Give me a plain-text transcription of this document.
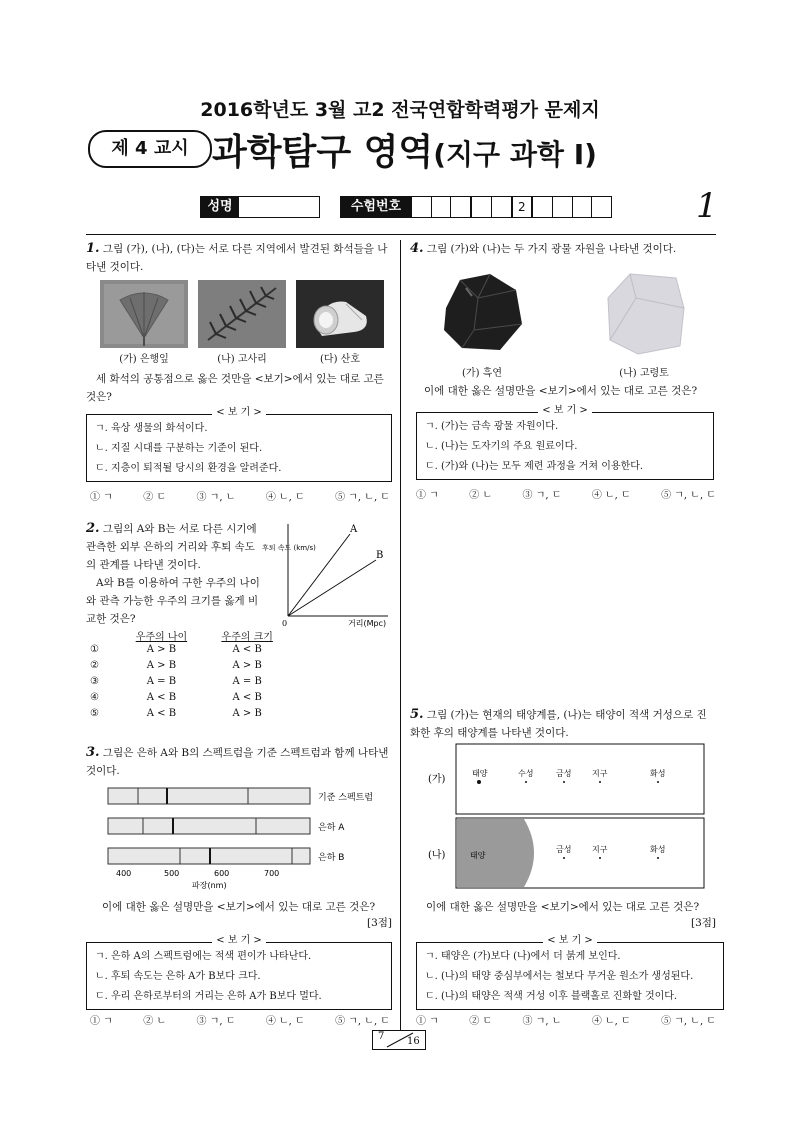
2016학년도 3월 고2 전국연합학력평가 문제지
제 4 교시 과학탐구 영역(지구 과학 Ⅰ)
1
성명	수험번호	2
1. 그림 (가), (나), (다)는 서로 다른 지역에서 발견된 화석들을 나타낸 것이다.
(가) 은행잎	(나) 고사리	(다) 산호
세 화석의 공통점으로 옳은 것만을 <보기>에서 있는 대로 고른 것은?
< 보 기 >
ㄱ. 육상 생물의 화석이다.
ㄴ. 지질 시대를 구분하는 기준이 된다.
ㄷ. 지층이 퇴적될 당시의 환경을 알려준다.
① ㄱ	② ㄷ	③ ㄱ, ㄴ	④ ㄴ, ㄷ	⑤ ㄱ, ㄴ, ㄷ
2. 그림의 A와 B는 서로 다른 시기에 관측한 외부 은하의 거리와 후퇴 속도의 관계를 나타낸 것이다.
A와 B를 이용하여 구한 우주의 나이와 관측 가능한 우주의 크기를 옳게 비교한 것은?
A
B
0	거리(Mpc)
후퇴 속도 (km/s)
우주의 나이	우주의 크기
①	A > B	A < B
②	A > B	A > B
③	A = B	A = B
④	A < B	A < B
⑤	A < B	A > B
3. 그림은 은하 A와 B의 스펙트럼을 기준 스펙트럼과 함께 나타낸 것이다.
기준 스펙트럼
은하 A
은하 B
400	500	600	700
파장(nm)
이에 대한 옳은 설명만을 <보기>에서 있는 대로 고른 것은?
[3점]
< 보 기 >
ㄱ. 은하 A의 스펙트럼에는 적색 편이가 나타난다.
ㄴ. 후퇴 속도는 은하 A가 B보다 크다.
ㄷ. 우리 은하로부터의 거리는 은하 A가 B보다 멀다.
① ㄱ	② ㄴ	③ ㄱ, ㄷ	④ ㄴ, ㄷ	⑤ ㄱ, ㄴ, ㄷ
4. 그림 (가)와 (나)는 두 가지 광물 자원을 나타낸 것이다.
(가) 흑연	(나) 고령토
이에 대한 옳은 설명만을 <보기>에서 있는 대로 고른 것은?
< 보 기 >
ㄱ. (가)는 금속 광물 자원이다.
ㄴ. (나)는 도자기의 주요 원료이다.
ㄷ. (가)와 (나)는 모두 제련 과정을 거쳐 이용한다.
① ㄱ	② ㄴ	③ ㄱ, ㄷ	④ ㄴ, ㄷ	⑤ ㄱ, ㄴ, ㄷ
5. 그림 (가)는 현재의 태양계를, (나)는 태양이 적색 거성으로 진화한 후의 태양계를 나타낸 것이다.
(가)
태양	수성	금성	지구	화성
(나)	태양
금성	지구	화성
이에 대한 옳은 설명만을 <보기>에서 있는 대로 고른 것은?
[3점]
< 보 기 >
ㄱ. 태양은 (가)보다 (나)에서 더 붉게 보인다.
ㄴ. (나)의 태양 중심부에서는 철보다 무거운 원소가 생성된다.
ㄷ. (나)의 태양은 적색 거성 이후 블랙홀로 진화할 것이다.
① ㄱ	② ㄷ	③ ㄱ, ㄴ	④ ㄴ, ㄷ	⑤ ㄱ, ㄴ, ㄷ
7 16
